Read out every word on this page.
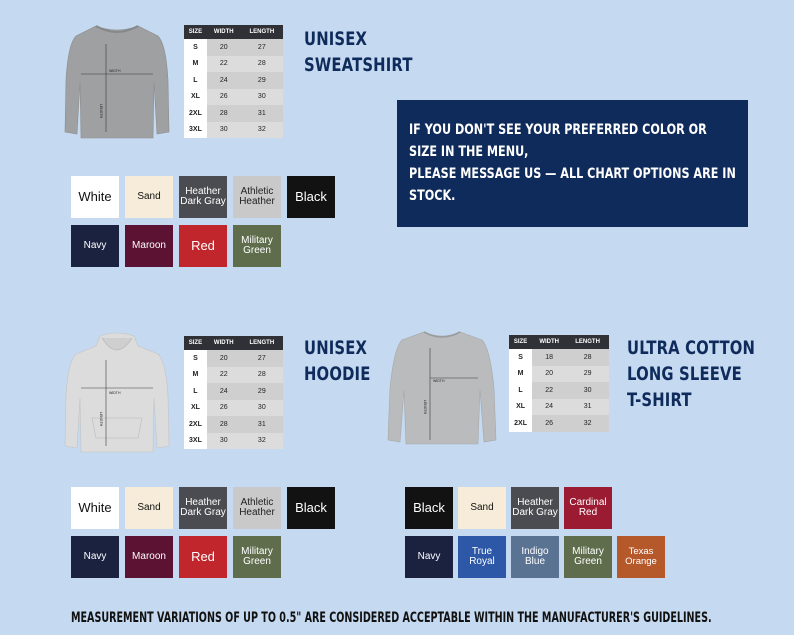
WIDTH
LENGTH
SIZE	WIDTH	LENGTH
S	20	27
M	22	28
L	24	29
XL	26	30
2XL	28	31
3XL	30	32
UNISEX
SWEATSHIRT
White	Sand	Heather Dark Gray
Athletic Heather	Black
Navy	Maroon	Red	Military Green
IF YOU DON'T SEE YOUR PREFERRED COLOR OR SIZE IN THE MENU,
PLEASE MESSAGE US — ALL CHART OPTIONS ARE IN STOCK.
WIDTH
LENGTH
SIZE	WIDTH	LENGTH
S	20	27
M	22	28
L	24	29
XL	26	30
2XL	28	31
3XL	30	32
UNISEX
HOODIE
White	Sand	Heather Dark Gray
Athletic Heather	Black
Navy	Maroon	Red	Military Green
WIDTH
LENGTH
SIZE	WIDTH	LENGTH
S	18	28
M	20	29
L	22	30
XL	24	31
2XL	26	32
ULTRA COTTON
LONG SLEEVE T-SHIRT
Black	Sand	Heather Dark Gray
Cardinal Red
Navy	True Royal
Indigo Blue
Military Green
Texas Orange
MEASUREMENT VARIATIONS OF UP TO 0.5" ARE CONSIDERED ACCEPTABLE WITHIN THE MANUFACTURER'S GUIDELINES.
